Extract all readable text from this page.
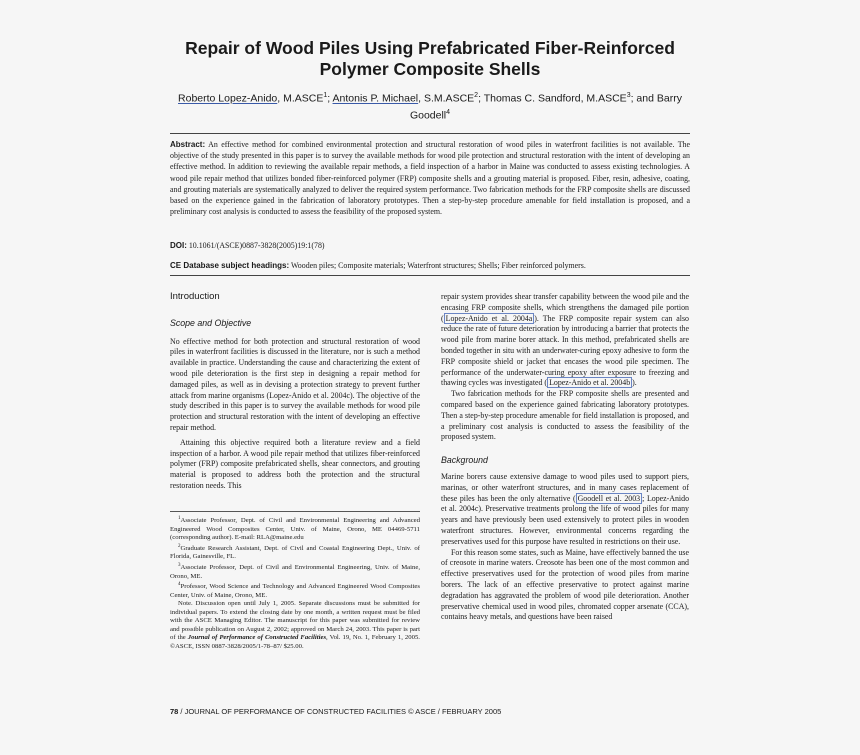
Repair of Wood Piles Using Prefabricated Fiber-Reinforced Polymer Composite Shells
Roberto Lopez-Anido, M.ASCE$^1$; Antonis P. Michael, S.M.ASCE$^2$; Thomas C. Sandford, M.ASCE$^3$; and Barry Goodell$^4$
Abstract: An effective method for combined environmental protection and structural restoration of wood piles in waterfront facilities is not available. The objective of the study presented in this paper is to survey the available methods for wood pile protection and structural restoration with the intent of developing an effective method. In addition to reviewing the available repair methods, a field inspection of a harbor in Maine was conducted to assess existing technologies. A wood pile repair method that utilizes bonded fiber-reinforced polymer (FRP) composite shells and a grouting material is proposed. Fiber, resin, adhesive, coating, and grouting materials are systematically analyzed to deliver the required system performance. Two fabrication methods for the FRP composite shells are discussed based on the experience gained in the fabrication of laboratory prototypes. Then a step-by-step procedure amenable for field installation is proposed, and a preliminary cost analysis is conducted to assess the feasibility of the proposed system.
DOI: 10.1061/(ASCE)0887-3828(2005)19:1(78)
CE Database subject headings: Wooden piles; Composite materials; Waterfront structures; Shells; Fiber reinforced polymers.
Introduction
Scope and Objective

No effective method for both protection and structural restoration of wood piles in waterfront facilities is discussed in the literature, nor is such a method available in practice. Understanding the cause and characterizing the extent of wood pile deterioration is the first step in designing a repair method for damaged piles, as well as in devising a protection strategy to prevent further attack from marine organisms (Lopez-Anido et al. 2004c). The objective of the study described in this paper is to survey the available methods for wood pile protection and structural restoration with the intent of developing an effective repair method.

Attaining this objective required both a literature review and a field inspection of a harbor. A wood pile repair method that utilizes fiber-reinforced polymer (FRP) composite prefabricated shells, shear connectors, and grouting material is proposed to address both the protection and the structural restoration needs. This

$^1$Associate Professor, Dept. of Civil and Environmental Engineering and Advanced Engineered Wood Composites Center, Univ. of Maine, Orono, ME 04469-5711 (corresponding author). E-mail: RLA@maine.edu

$^2$Graduate Research Assistant, Dept. of Civil and Coastal Engineering Dept., Univ. of Florida, Gainesville, FL.

$^3$Associate Professor, Dept. of Civil and Environmental Engineering, Univ. of Maine, Orono, ME.

$^4$Professor, Wood Science and Technology and Advanced Engineered Wood Composites Center, Univ. of Maine, Orono, ME.

Note. Discussion open until July 1, 2005. Separate discussions must be submitted for individual papers. To extend the closing date by one month, a written request must be filed with the ASCE Managing Editor. The manuscript for this paper was submitted for review and possible publication on August 2, 2002; approved on March 24, 2003. This paper is part of the Journal of Performance of Constructed Facilities, Vol. 19, No. 1, February 1, 2005. ©ASCE, ISSN 0887-3828/2005/1-78–87/ $25.00.

repair system provides shear transfer capability between the wood pile and the encasing FRP composite shells, which strengthens the damaged pile portion ( Lopez-Anido et al. 2004a ). The FRP composite repair system can also reduce the rate of future deterioration by introducing a barrier that protects the wood pile from marine borer attack. In this method, prefabricated shells are bonded together in situ with an underwater-curing epoxy adhesive to form the FRP composite shield or jacket that encases the wood pile specimen. The performance of the underwater-curing epoxy after exposure to freezing and thawing cycles was investigated ( Lopez-Anido et al. 2004b ).

Two fabrication methods for the FRP composite shells are presented and compared based on the experience gained fabricating laboratory prototypes. Then a step-by-step procedure amenable for field installation is proposed, and a preliminary cost analysis is conducted to assess the feasibility of the proposed system.

Background

Marine borers cause extensive damage to wood piles used to support piers, marinas, or other waterfront structures, and in many cases replacement of these piles has been the only alternative ( Goodell et al. 2003 ; Lopez-Anido et al. 2004c). Preservative treatments prolong the life of wood piles for many years and have previously been used extensively to protect piles in wooden waterfront structures. However, environmental concerns regarding the preservatives used for this purpose have resulted in restrictions on their use.

For this reason some states, such as Maine, have effectively banned the use of creosote in marine waters. Creosote has been one of the most common and effective preservatives used for the protection of wood piles from marine borers. The lack of an effective preservative to protect against marine degradation has aggravated the problem of wood pile deterioration. Another preservative chemical used in wood piles, chromated copper arsenate (CCA), contains heavy metals, and questions have been raised

78 / JOURNAL OF PERFORMANCE OF CONSTRUCTED FACILITIES © ASCE / FEBRUARY 2005
